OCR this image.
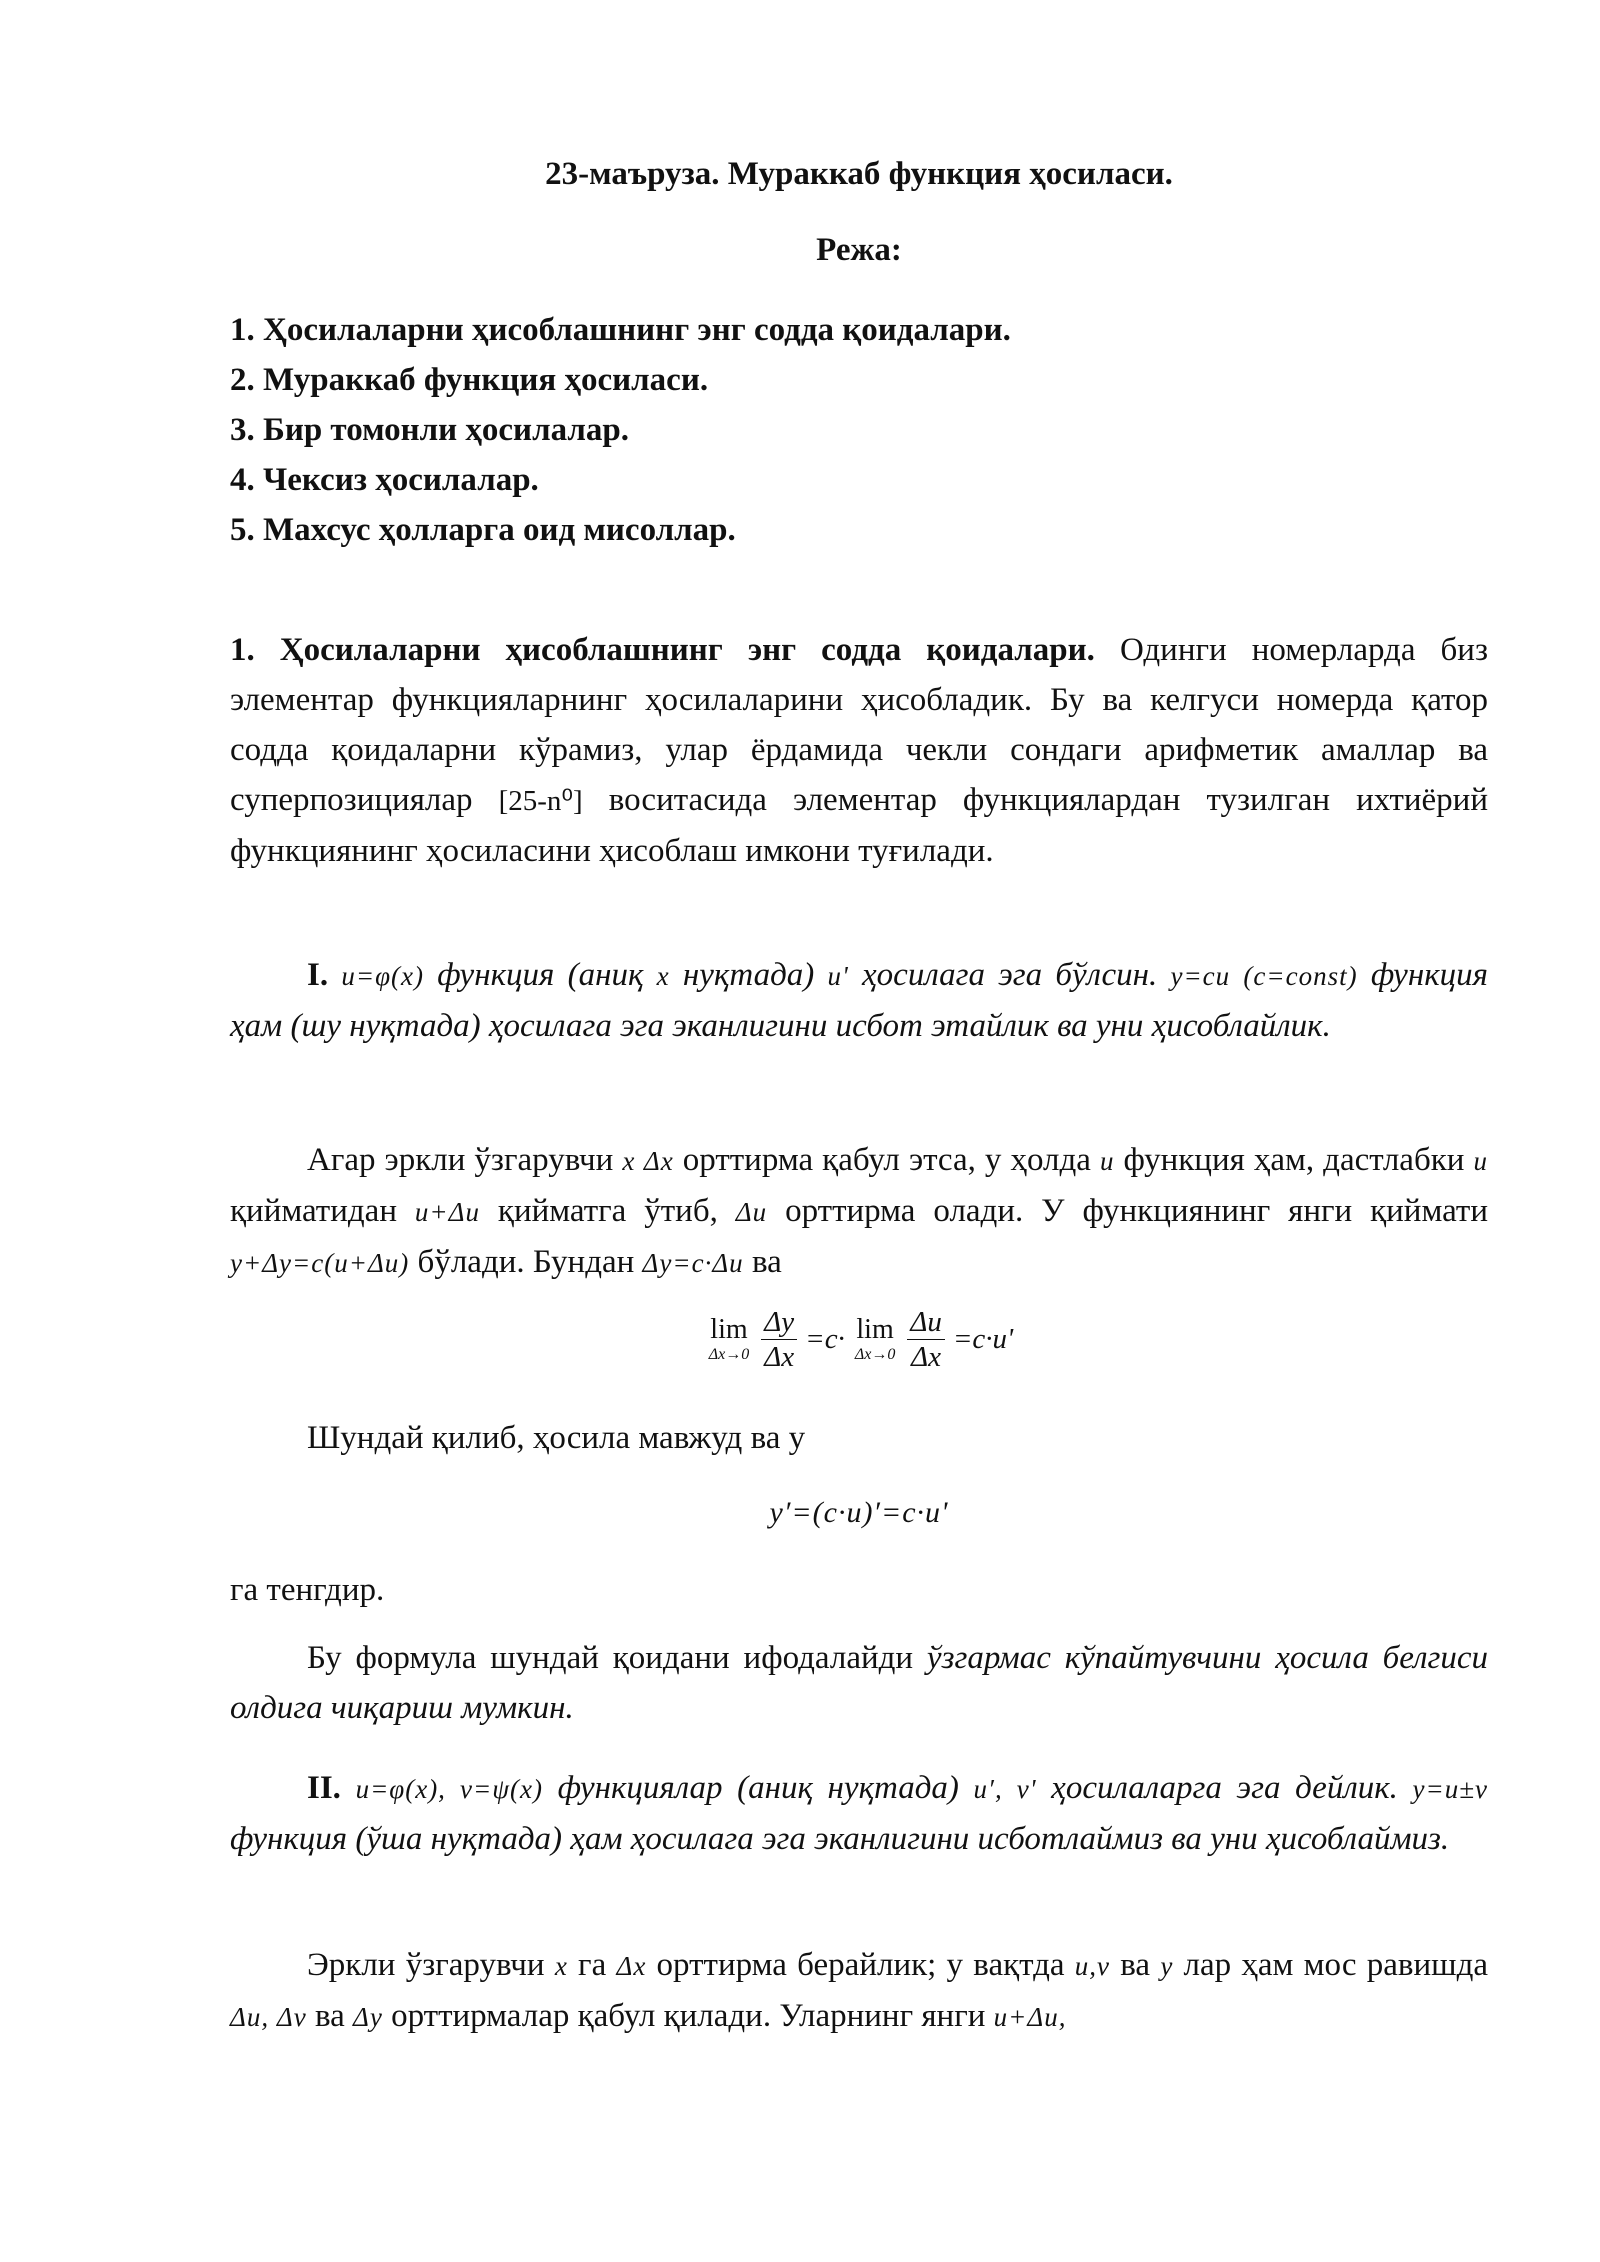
23-маъруза. Мураккаб функция ҳосиласи.
Режа:
1. Ҳосилаларни ҳисоблашнинг энг содда қоидалари.
2. Мураккаб функция ҳосиласи.
3. Бир томонли ҳосилалар.
4. Чексиз ҳосилалар.
5. Махсус ҳолларга оид мисоллар.

1. Ҳосилаларни ҳисоблашнинг энг содда қоидалари. Одинги номерларда биз элементар функцияларнинг ҳосилаларини ҳисобладик. Бу ва келгуси номерда қатор содда қоидаларни кўрамиз, улар ёрдамида чекли сондаги арифметик амаллар ва суперпозициялар [25-n⁰] воситасида элементар функциялардан тузилган ихтиёрий функциянинг ҳосиласини ҳисоблаш имкони туғилади.

I. u=φ(x) функция (аниқ x нуқтада) u' ҳосилага эга бўлсин. y=cu (c=const) функция ҳам (шу нуқтада) ҳосилага эга эканлигини исбот этайлик ва уни ҳисоблайлик.

Агар эркли ўзгарувчи x Δx орттирма қабул этса, у ҳолда u функция ҳам, дастлабки u қийматидан u+Δu қийматга ўтиб, Δu орттирма олади. У функциянинг янги қиймати y+Δy=c(u+Δu) бўлади. Бундан Δy=c·Δu ва

lim
$\Delta x\to 0 \frac{\Delta y}{\Delta x} =c\cdot \lim$
$\Delta x\to 0 \frac{\Delta u}{\Delta x} =c\cdot u'$

Шундай қилиб, ҳосила мавжуд ва у

y′=(c·u)′=c·u'

га тенгдир.

Бу формула шундай қоидани ифодалайди ўзгармас кўпайтувчини ҳосила белгиси олдига чиқариш мумкин.

II. u=φ(x), v=ψ(x) функциялар (аниқ нуқтада) u′, v' ҳосилаларга эга дейлик. y=u±v функция (ўша нуқтада) ҳам ҳосилага эга эканлигини исботлаймиз ва уни ҳисоблаймиз.

Эркли ўзгарувчи x га Δx орттирма берайлик; у вақтда u,v ва y лар ҳам мос равишда Δu, Δv ва Δy орттирмалар қабул қилади. Уларнинг янги u+Δu,
